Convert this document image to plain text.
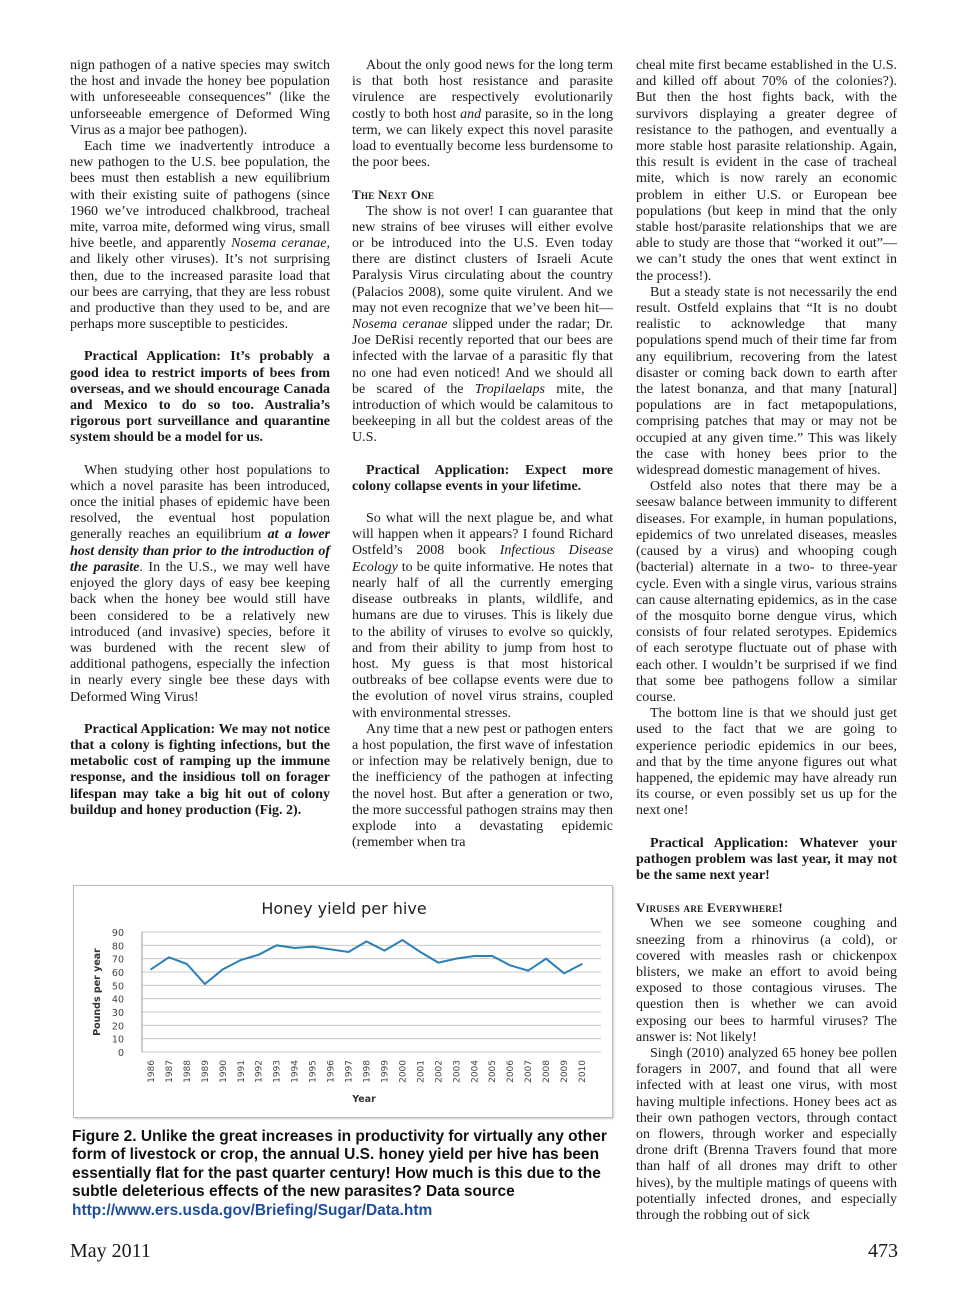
nign pathogen of a native species may switch the host and invade the honey bee population with unforeseeable consequences” (like the unforseeable emergence of Deformed Wing Virus as a major bee pathogen).

Each time we inadvertently introduce a new pathogen to the U.S. bee population, the bees must then establish a new equilibrium with their existing suite of pathogens (since 1960 we’ve introduced chalkbrood, tracheal mite, varroa mite, deformed wing virus, small hive beetle, and apparently Nosema ceranae, and likely other viruses). It’s not surprising then, due to the increased parasite load that our bees are carrying, that they are less robust and productive than they used to be, and are perhaps more susceptible to pesticides.

Practical Application: It’s probably a good idea to restrict imports of bees from overseas, and we should encourage Canada and Mexico to do so too. Australia’s rigorous port surveillance and quarantine system should be a model for us.

When studying other host populations to which a novel parasite has been introduced, once the initial phases of epidemic have been resolved, the eventual host population generally reaches an equilibrium at a lower host density than prior to the introduction of the parasite. In the U.S., we may well have enjoyed the glory days of easy bee keeping back when the honey bee would still have been considered to be a relatively new introduced (and invasive) species, before it was burdened with the recent slew of additional pathogens, especially the infection in nearly every single bee these days with Deformed Wing Virus!

Practical Application: We may not notice that a colony is fighting infections, but the metabolic cost of ramping up the immune response, and the insidious toll on forager lifespan may take a big hit out of colony buildup and honey production (Fig. 2).

About the only good news for the long term is that both host resistance and parasite virulence are respectively evolutionarily costly to both host and parasite, so in the long term, we can likely expect this novel parasite load to eventually become less burdensome to the poor bees.

The Next One

The show is not over! I can guarantee that new strains of bee viruses will either evolve or be introduced into the U.S. Even today there are distinct clusters of Israeli Acute Paralysis Virus circulating about the country (Palacios 2008), some quite virulent. And we may not even recognize that we’ve been hit—Nosema ceranae slipped under the radar; Dr. Joe DeRisi recently reported that our bees are infected with the larvae of a parasitic fly that no one had even noticed! And we should all be scared of the Tropilaelaps mite, the introduction of which would be calamitous to beekeeping in all but the coldest areas of the U.S.

Practical Application: Expect more colony collapse events in your lifetime.

So what will the next plague be, and what will happen when it appears? I found Richard Ostfeld’s 2008 book Infectious Disease Ecology to be quite informative. He notes that nearly half of all the currently emerging disease outbreaks in plants, wildlife, and humans are due to viruses. This is likely due to the ability of viruses to evolve so quickly, and from their ability to jump from host to host. My guess is that most historical outbreaks of bee collapse events were due to the evolution of novel virus strains, coupled with environmental stresses.

Any time that a new pest or pathogen enters a host population, the first wave of infestation or infection may be relatively benign, due to the inefficiency of the pathogen at infecting the novel host. But after a generation or two, the more successful pathogen strains may then explode into a devastating epidemic (remember when tra

cheal mite first became established in the U.S. and killed off about 70% of the colonies?). But then the host fights back, with the survivors displaying a greater degree of resistance to the pathogen, and eventually a more stable host parasite relationship. Again, this result is evident in the case of tracheal mite, which is now rarely an economic problem in either U.S. or European bee populations (but keep in mind that the only stable host/parasite relationships that we are able to study are those that “worked it out”—we can’t study the ones that went extinct in the process!).

But a steady state is not necessarily the end result. Ostfeld explains that “It is no doubt realistic to acknowledge that many populations spend much of their time far from any equilibrium, recovering from the latest disaster or coming back down to earth after the latest bonanza, and that many [natural] populations are in fact metapopulations, comprising patches that may or may not be occupied at any given time.” This was likely the case with honey bees prior to the widespread domestic management of hives.

Ostfeld also notes that there may be a seesaw balance between immunity to different diseases. For example, in human populations, epidemics of two unrelated diseases, measles (caused by a virus) and whooping cough (bacterial) alternate in a two- to three-year cycle. Even with a single virus, various strains can cause alternating epidemics, as in the case of the mosquito borne dengue virus, which consists of four related serotypes. Epidemics of each serotype fluctuate out of phase with each other. I wouldn’t be surprised if we find that some bee pathogens follow a similar course.

The bottom line is that we should just get used to the fact that we are going to experience periodic epidemics in our bees, and that by the time anyone figures out what happened, the epidemic may have already run its course, or even possibly set us up for the next one!

Practical Application: Whatever your pathogen problem was last year, it may not be the same next year!

Viruses are Everywhere!

When we see someone coughing and sneezing from a rhinovirus (a cold), or covered with measles rash or chickenpox blisters, we make an effort to avoid being exposed to those contagious viruses. The question then is whether we can avoid exposing our bees to harmful viruses? The answer is: Not likely!

Singh (2010) analyzed 65 honey bee pollen foragers in 2007, and found that all were infected with at least one virus, with most having multiple infections. Honey bees act as their own pathogen vectors, through contact on flowers, through worker and especially drone drift (Brenna Travers found that more than half of all drones may drift to other hives), by the multiple matings of queens with potentially infected drones, and especially through the robbing out of sick

Honey yield per hive
0
10
20
30
40
50
60
70
80
90
1986 1987 1988 1989 1990 1991 1992 1993 1994 1995 1996 1997 1998 1999 2000 2001 2002 2003 2004 2005 2006 2007 2008 2009 2010
Year
Pounds per year
Figure 2. Unlike the great increases in productivity for virtually any other form of livestock or crop, the annual U.S. honey yield per hive has been essentially flat for the past quarter century! How much is this due to the subtle deleterious effects of the new parasites? Data source http://www.ers.usda.gov/Briefing/Sugar/Data.htm
May 2011	473
